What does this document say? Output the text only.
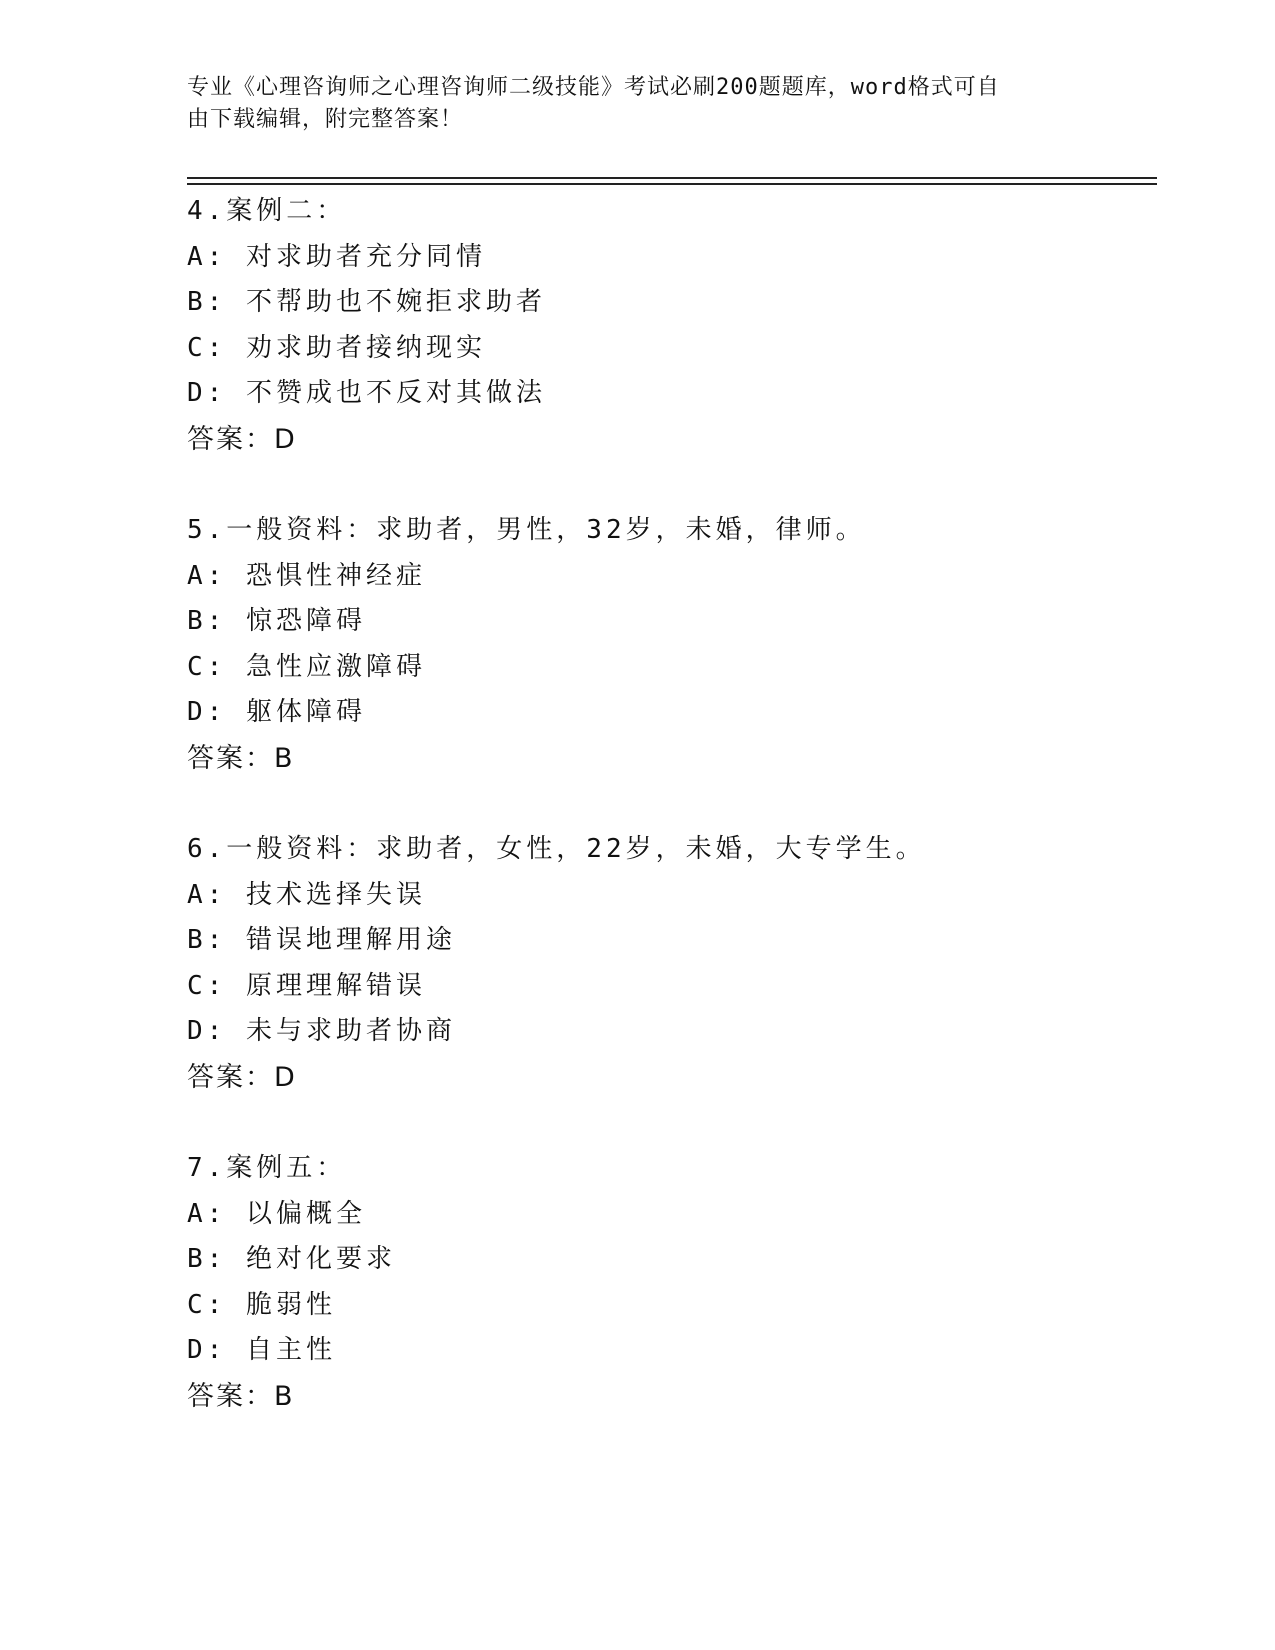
专业《心理咨询师之心理咨询师二级技能》考试必刷200题题库，word格式可自
由下载编辑，附完整答案！
4.案例二：
A: 对求助者充分同情
B: 不帮助也不婉拒求助者
C: 劝求助者接纳现实
D: 不赞成也不反对其做法
答案：D
5.一般资料：求助者，男性，32岁，未婚，律师。
A: 恐惧性神经症
B: 惊恐障碍
C: 急性应激障碍
D: 躯体障碍
答案：B
6.一般资料：求助者，女性，22岁，未婚，大专学生。
A: 技术选择失误
B: 错误地理解用途
C: 原理理解错误
D: 未与求助者协商
答案：D
7.案例五：
A: 以偏概全
B: 绝对化要求
C: 脆弱性
D: 自主性
答案：B
